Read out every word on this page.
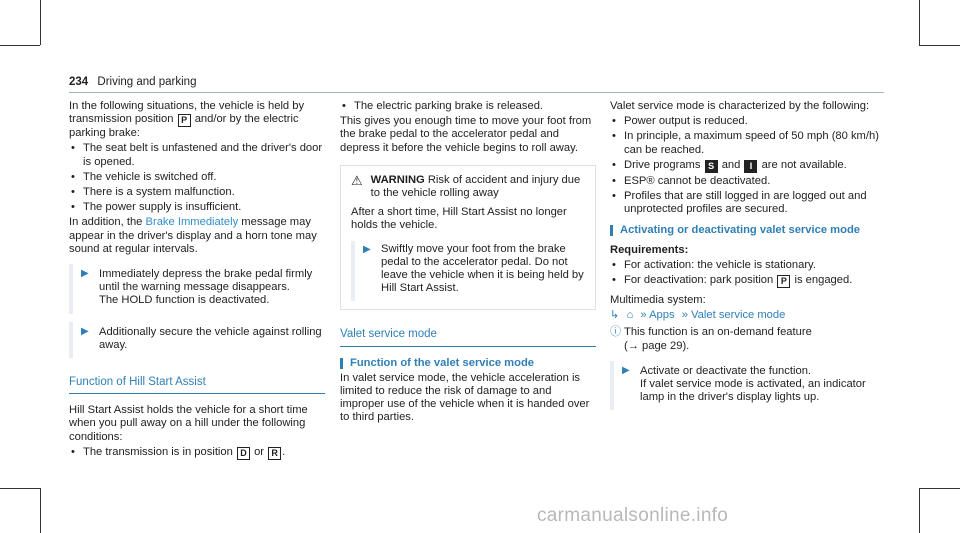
234 Driving and parking

In the following situations, the vehicle is held by transmission position P and/or by the electric parking brake:

• The seat belt is unfastened and the driver's door is opened.
• The vehicle is switched off.
• There is a system malfunction.
• The power supply is insufficient.

In addition, the Brake Immediately message may appear in the driver's display and a horn tone may sound at regular intervals.

▶ Immediately depress the brake pedal firmly until the warning message disappears.
The HOLD function is deactivated.
▶ Additionally secure the vehicle against rolling away.
Function of Hill Start Assist

Hill Start Assist holds the vehicle for a short time when you pull away on a hill under the following conditions:

• The transmission is in position D or R .
• The electric parking brake is released.

This gives you enough time to move your foot from the brake pedal to the accelerator pedal and depress it before the vehicle begins to roll away.

⚠ WARNING Risk of accident and injury due to the vehicle rolling away

After a short time, Hill Start Assist no longer holds the vehicle.

▶ Swiftly move your foot from the brake pedal to the accelerator pedal. Do not leave the vehicle when it is being held by Hill Start Assist.
Valet service mode
Function of the valet service mode

In valet service mode, the vehicle acceleration is limited to reduce the risk of damage to and improper use of the vehicle when it is handed over to third parties.

Valet service mode is characterized by the following:

• Power output is reduced.
• In principle, a maximum speed of 50 mph (80 km/h) can be reached.
• Drive programs S and I are not available.
• ESP® cannot be deactivated.
• Profiles that are still logged in are logged out and unprotected profiles are secured.
Activating or deactivating valet service mode

Requirements:

• For activation: the vehicle is stationary.
• For deactivation: park position P is engaged.

Multimedia system:

↳ ⌂ » Apps » Valet service mode
ⓘ This function is an on-demand feature
(→ page 29).
▶ Activate or deactivate the function.
If valet service mode is activated, an indicator lamp in the driver's display lights up.
carmanualsonline.info
